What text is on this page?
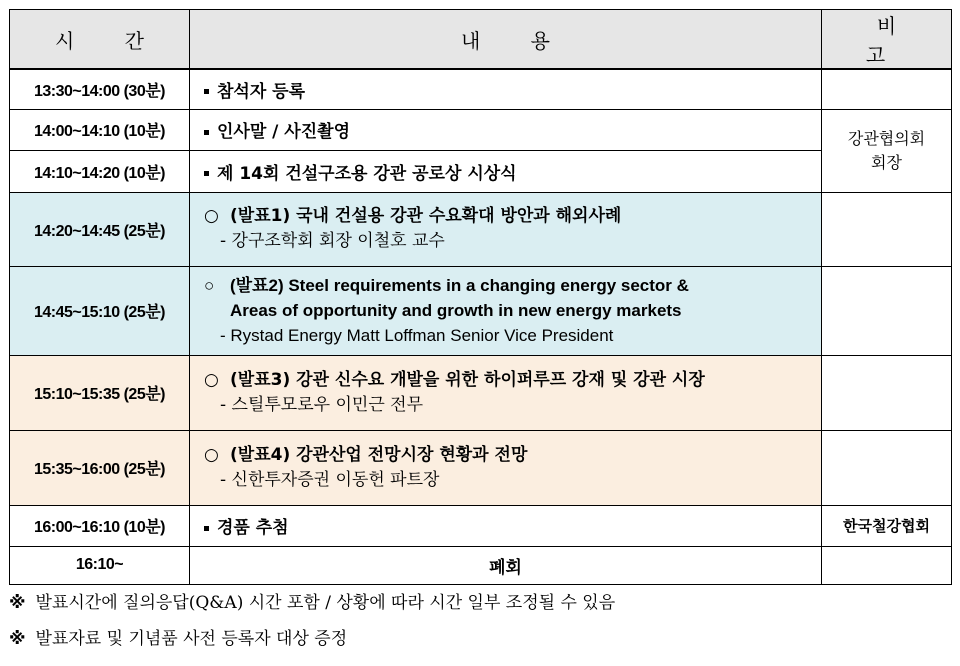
시 간	내 용	비 고
13:30~14:00 (30분)	참석자 등록	
14:00~14:10 (10분)	인사말 / 사진촬영	강관협의회
회장
14:10~14:20 (10분)	제 14회 건설구조용 강관 공로상 시상식	
14:20~14:45 (25분)	○ (발표1) 국내 건설용 강관 수요확대 방안과 해외사례
- 강구조학회 회장 이철호 교수	

14:45~15:10 (25분)	○ (발표2) Steel requirements in a changing energy sector &
Areas of opportunity and growth in new energy markets
- Rystad Energy Matt Loffman Senior Vice President	

15:10~15:35 (25분)	○ (발표3) 강관 신수요 개발을 위한 하이퍼루프 강재 및 강관 시장
- 스틸투모로우 이민근 전무	

15:35~16:00 (25분)	○ (발표4) 강관산업 전망시장 현황과 전망
- 신한투자증권 이동헌 파트장	

16:00~16:10 (10분)	경품 추첨	한국철강협회
16:10~	폐회	
※ 발표시간에 질의응답(Q&A) 시간 포함 / 상황에 따라 시간 일부 조정될 수 있음
※ 발표자료 및 기념품 사전 등록자 대상 증정
